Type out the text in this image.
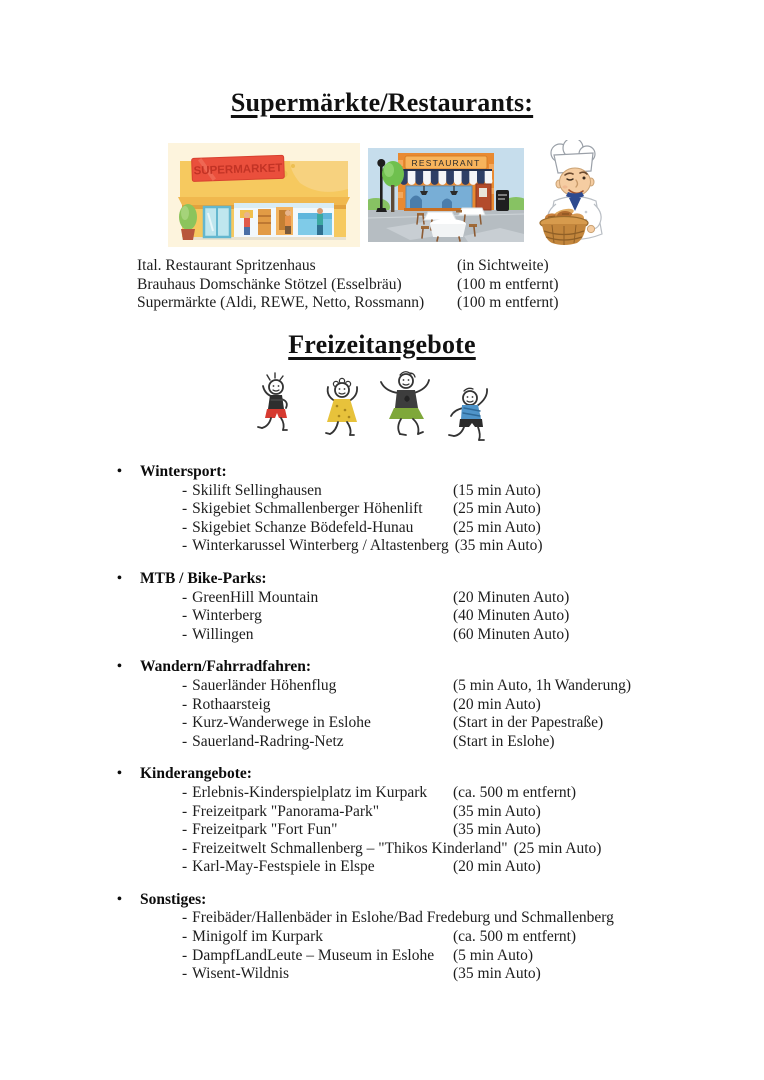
Supermärkte/Restaurants:
SUPERMARKET	RESTAURANT
Ital. Restaurant Spritzenhaus	(in Sichtweite)
Brauhaus Domschänke Stötzel (Esselbräu)	(100 m entfernt)
Supermärkte (Aldi, REWE, Netto, Rossmann)	(100 m entfernt)
Freizeitangebote
•	Wintersport:
- Skilift Sellinghausen	(15 min Auto)
- Skigebiet Schmallenberger Höhenlift	(25 min Auto)
- Skigebiet Schanze Bödefeld-Hunau	(25 min Auto)
- Winterkarussel Winterberg / Altastenberg (35 min Auto)
•	MTB / Bike-Parks:
- GreenHill Mountain	(20 Minuten Auto)
- Winterberg	(40 Minuten Auto)
- Willingen	(60 Minuten Auto)
•	Wandern/Fahrradfahren:
- Sauerländer Höhenflug	(5 min Auto, 1h Wanderung)
- Rothaarsteig	(20 min Auto)
- Kurz-Wanderwege in Eslohe	(Start in der Papestraße)
- Sauerland-Radring-Netz	(Start in Eslohe)
•	Kinderangebote:
- Erlebnis-Kinderspielplatz im Kurpark	(ca. 500 m entfernt)
- Freizeitpark "Panorama-Park"	(35 min Auto)
- Freizeitpark "Fort Fun"	(35 min Auto)
- Freizeitwelt Schmallenberg – "Thikos Kinderland" (25 min Auto)
- Karl-May-Festspiele in Elspe	(20 min Auto)
•	Sonstiges:
- Freibäder/Hallenbäder in Eslohe/Bad Fredeburg und Schmallenberg
- Minigolf im Kurpark	(ca. 500 m entfernt)
- DampfLandLeute – Museum in Eslohe	(5 min Auto)
- Wisent-Wildnis	(35 min Auto)
